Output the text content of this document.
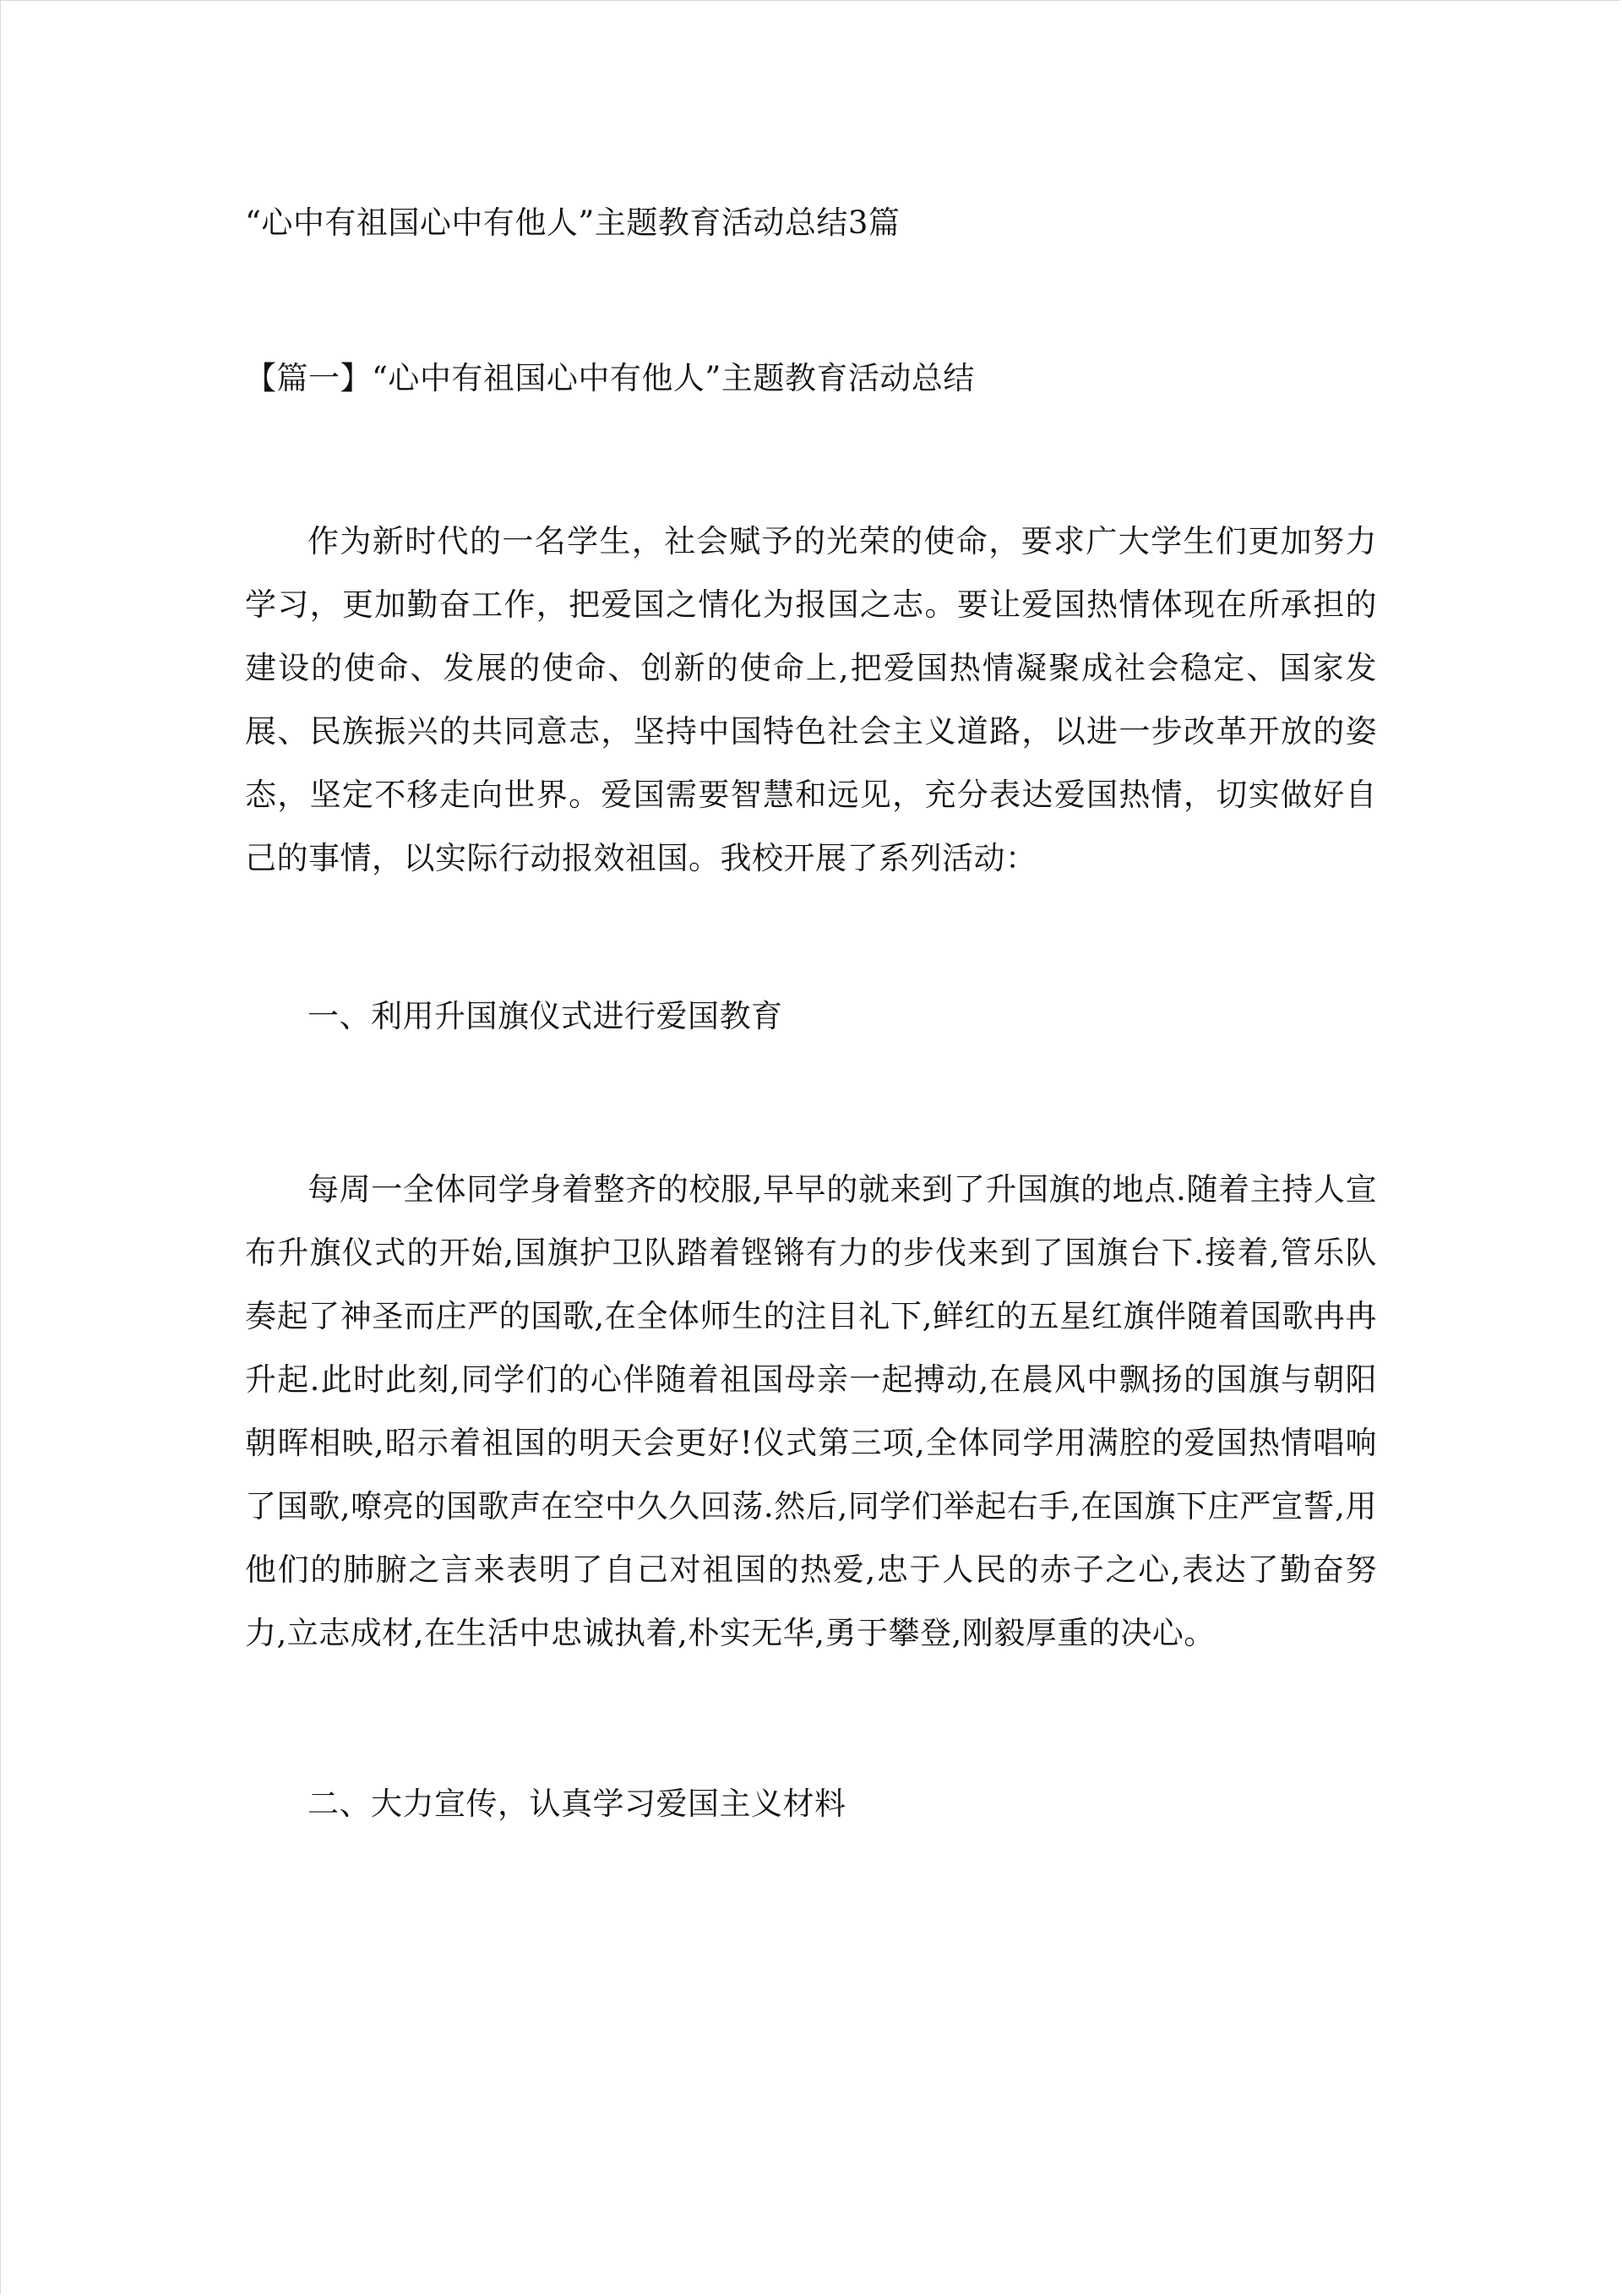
“心中有祖国心中有他人”主题教育活动总结3篇

【篇一】“心中有祖国心中有他人”主题教育活动总结

作为新时代的一名学生，社会赋予的光荣的使命，要求广大学生们更加努力学习，更加勤奋工作，把爱国之情化为报国之志。要让爱国热情体现在所承担的建设的使命、发展的使命、创新的使命上,把爱国热情凝聚成社会稳定、国家发展、民族振兴的共同意志，坚持中国特色社会主义道路，以进一步改革开放的姿态，坚定不移走向世界。爱国需要智慧和远见，充分表达爱国热情，切实做好自己的事情，以实际行动报效祖国。我校开展了系列活动：

一、利用升国旗仪式进行爱国教育

每周一全体同学身着整齐的校服,早早的就来到了升国旗的地点.随着主持人宣布升旗仪式的开始,国旗护卫队踏着铿锵有力的步伐来到了国旗台下.接着,管乐队奏起了神圣而庄严的国歌,在全体师生的注目礼下,鲜红的五星红旗伴随着国歌冉冉升起.此时此刻,同学们的心伴随着祖国母亲一起搏动,在晨风中飘扬的国旗与朝阳朝晖相映,昭示着祖国的明天会更好!仪式第三项,全体同学用满腔的爱国热情唱响了国歌,嘹亮的国歌声在空中久久回荡.然后,同学们举起右手,在国旗下庄严宣誓,用他们的肺腑之言来表明了自己对祖国的热爱,忠于人民的赤子之心,表达了勤奋努力,立志成材,在生活中忠诚执着,朴实无华,勇于攀登,刚毅厚重的决心。

二、大力宣传，认真学习爱国主义材料
